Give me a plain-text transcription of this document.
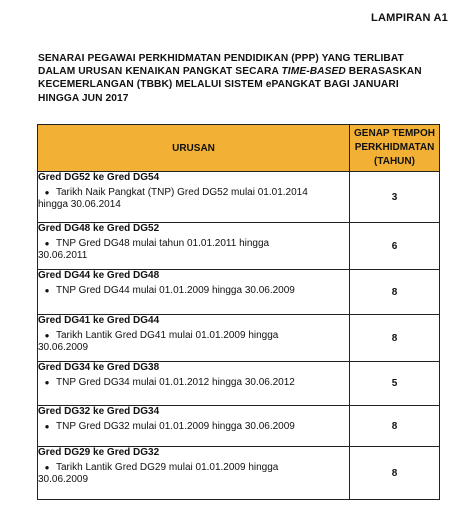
LAMPIRAN A1
SENARAI PEGAWAI PERKHIDMATAN PENDIDIKAN (PPP) YANG TERLIBAT
DALAM URUSAN KENAIKAN PANGKAT SECARA TIME-BASED BERASASKAN
KECEMERLANGAN (TBBK) MELALUI SISTEM ePANGKAT BAGI JANUARI
HINGGA JUN 2017
URUSAN	GENAP TEMPOH
PERKHIDMATAN
(TAHUN)

Gred DG52 ke Gred DG54
● Tarikh Naik Pangkat (TNP) Gred DG52 mulai 01.01.2014
hingga 30.06.2014	3

Gred DG48 ke Gred DG52
● TNP Gred DG48 mulai tahun 01.01.2011 hingga
30.06.2011	6

Gred DG44 ke Gred DG48
● TNP Gred DG44 mulai 01.01.2009 hingga 30.06.2009	8

Gred DG41 ke Gred DG44
● Tarikh Lantik Gred DG41 mulai 01.01.2009 hingga
30.06.2009	8

Gred DG34 ke Gred DG38
● TNP Gred DG34 mulai 01.01.2012 hingga 30.06.2012	5

Gred DG32 ke Gred DG34
● TNP Gred DG32 mulai 01.01.2009 hingga 30.06.2009	8

Gred DG29 ke Gred DG32
● Tarikh Lantik Gred DG29 mulai 01.01.2009 hingga
30.06.2009	8
